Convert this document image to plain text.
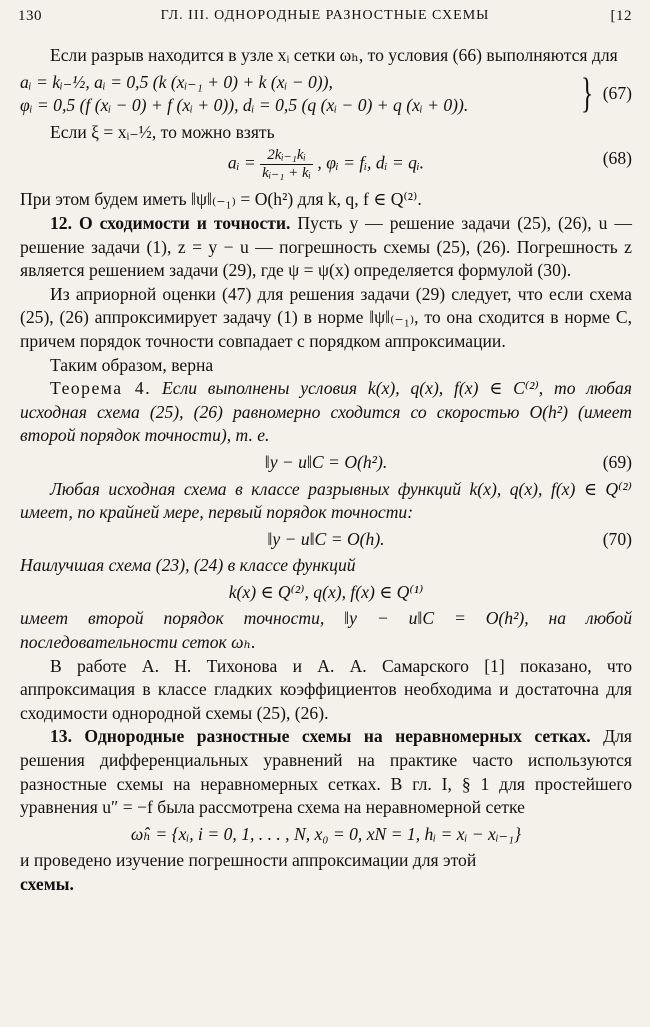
130	ГЛ. III. ОДНОРОДНЫЕ РАЗНОСТНЫЕ СХЕМЫ	[12

Если разрыв находится в узле xᵢ сетки ωₕ, то условия (66) выполняются для

aᵢ = kᵢ₋½, aᵢ = 0,5 (k (xᵢ₋₁ + 0) + k (xᵢ − 0)),
φᵢ = 0,5 (f (xᵢ − 0) + f (xᵢ + 0)), dᵢ = 0,5 (q (xᵢ − 0) + q (xᵢ + 0)).	} (67)

Если ξ = xᵢ₋½, то можно взять

aᵢ = $\frac{\text{2kᵢ₋₁kᵢ}}{\text{kᵢ₋₁ + kᵢ}}$ , φᵢ = fᵢ, dᵢ = qᵢ.	(68)

При этом будем иметь ‖ψ‖₍₋₁₎ = O(h²) для k, q, f ∈ Q⁽²⁾.

12. О сходимости и точности. Пусть y — решение задачи (25), (26), u — решение задачи (1), z = y − u — погрешность схемы (25), (26). Погрешность z является решением задачи (29), где ψ = ψ(x) определяется формулой (30).

Из априорной оценки (47) для решения задачи (29) следует, что если схема (25), (26) аппроксимирует задачу (1) в норме ‖ψ‖₍₋₁₎, то она сходится в норме C, причем порядок точности совпадает с порядком аппроксимации.

Таким образом, верна

Теорема 4. Если выполнены условия k(x), q(x), f(x) ∈ C⁽²⁾, то любая исходная схема (25), (26) равномерно сходится со скоростью O(h²) (имеет второй порядок точности), т. е.

‖y − u‖C = O(h²).	(69)

Любая исходная схема в классе разрывных функций k(x), q(x), f(x) ∈ Q⁽²⁾ имеет, по крайней мере, первый порядок точности:

‖y − u‖C = O(h).	(70)

Наилучшая схема (23), (24) в классе функций

k(x) ∈ Q⁽²⁾, q(x), f(x) ∈ Q⁽¹⁾

имеет второй порядок точности, ‖y − u‖C = O(h²), на любой последовательности сеток ωₕ.

В работе А. Н. Тихонова и А. А. Самарского [1] показано, что аппроксимация в классе гладких коэффициентов необходима и достаточна для сходимости однородной схемы (25), (26).

13. Однородные разностные схемы на неравномерных сетках. Для решения дифференциальных уравнений на практике часто используются разностные схемы на неравномерных сетках. В гл. I, § 1 для простейшего уравнения u″ = −f была рассмотрена схема на неравномерной сетке

ω̂ₕ = {xᵢ, i = 0, 1, . . . , N, x₀ = 0, xN = 1, hᵢ = xᵢ − xᵢ₋₁}

и проведено изучение погрешности аппроксимации для этой

схемы.
